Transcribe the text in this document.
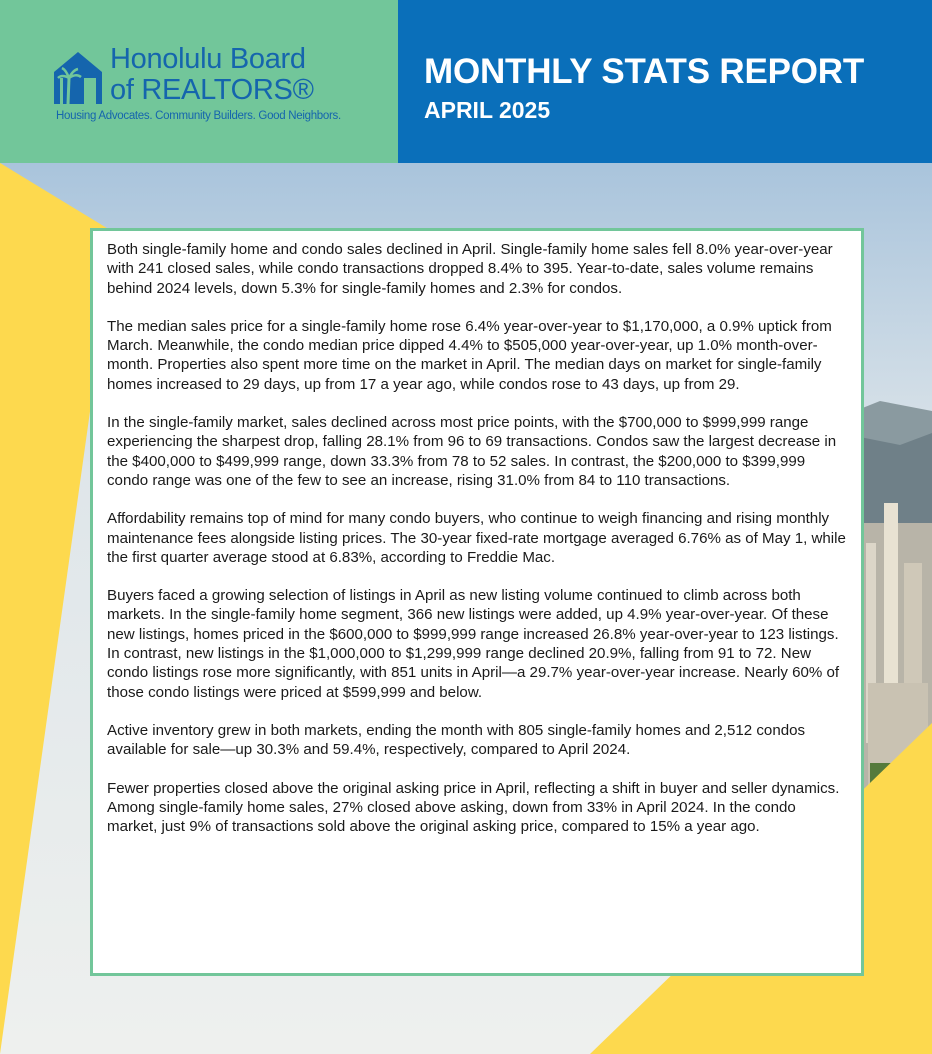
Honolulu Board
of REALTORS®
Housing Advocates. Community Builders. Good Neighbors.
MONTHLY STATS REPORT
APRIL 2025

Both single-family home and condo sales declined in April. Single-family home sales fell 8.0% year-over-year with 241 closed sales, while condo transactions dropped 8.4% to 395. Year-to-date, sales volume remains behind 2024 levels, down 5.3% for single-family homes and 2.3% for condos.

The median sales price for a single-family home rose 6.4% year-over-year to $1,170,000, a 0.9% uptick from March. Meanwhile, the condo median price dipped 4.4% to $505,000 year-over-year, up 1.0% month-over-month. Properties also spent more time on the market in April. The median days on market for single-family homes increased to 29 days, up from 17 a year ago, while condos rose to 43 days, up from 29.

In the single-family market, sales declined across most price points, with the $700,000 to $999,999 range experiencing the sharpest drop, falling 28.1% from 96 to 69 transactions. Condos saw the largest decrease in the $400,000 to $499,999 range, down 33.3% from 78 to 52 sales. In contrast, the $200,000 to $399,999 condo range was one of the few to see an increase, rising 31.0% from 84 to 110 transactions.

Affordability remains top of mind for many condo buyers, who continue to weigh financing and rising monthly maintenance fees alongside listing prices. The 30-year fixed-rate mortgage averaged 6.76% as of May 1, while the first quarter average stood at 6.83%, according to Freddie Mac.

Buyers faced a growing selection of listings in April as new listing volume continued to climb across both markets. In the single-family home segment, 366 new listings were added, up 4.9% year-over-year. Of these new listings, homes priced in the $600,000 to $999,999 range increased 26.8% year-over-year to 123 listings. In contrast, new listings in the $1,000,000 to $1,299,999 range declined 20.9%, falling from 91 to 72. New condo listings rose more significantly, with 851 units in April—a 29.7% year-over-year increase. Nearly 60% of those condo listings were priced at $599,999 and below.

Active inventory grew in both markets, ending the month with 805 single-family homes and 2,512 condos available for sale—up 30.3% and 59.4%, respectively, compared to April 2024.

Fewer properties closed above the original asking price in April, reflecting a shift in buyer and seller dynamics. Among single-family home sales, 27% closed above asking, down from 33% in April 2024. In the condo market, just 9% of transactions sold above the original asking price, compared to 15% a year ago.
